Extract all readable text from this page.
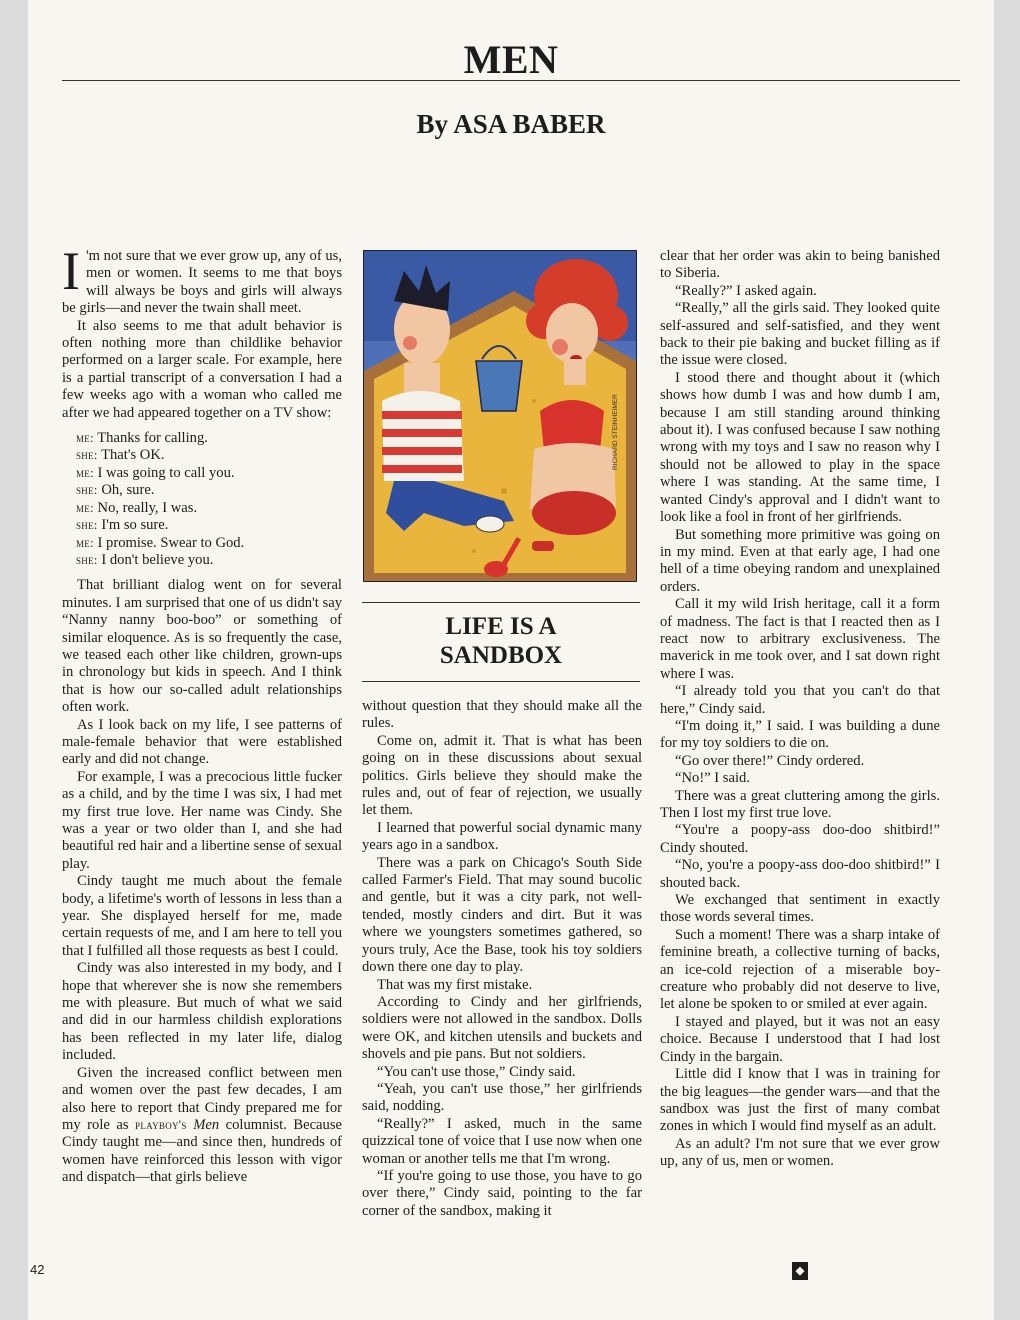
MEN
By ASA BABER

I 'm not sure that we ever grow up, any of us, men or women. It seems to me that boys will always be boys and girls will always be girls—and never the twain shall meet.

It also seems to me that adult behavior is often nothing more than childlike behavior performed on a larger scale. For example, here is a partial transcript of a conversation I had a few weeks ago with a woman who called me after we had appeared together on a TV show:

me: Thanks for calling.
she: That's OK.
me: I was going to call you.
she: Oh, sure.
me: No, really, I was.
she: I'm so sure.
me: I promise. Swear to God.
she: I don't believe you.

That brilliant dialog went on for several minutes. I am surprised that one of us didn't say “Nanny nanny boo-boo” or something of similar eloquence. As is so frequently the case, we teased each other like children, grown-ups in chronology but kids in speech. And I think that is how our so-called adult relationships often work.

As I look back on my life, I see patterns of male-female behavior that were established early and did not change.

For example, I was a precocious little fucker as a child, and by the time I was six, I had met my first true love. Her name was Cindy. She was a year or two older than I, and she had beautiful red hair and a libertine sense of sexual play.

Cindy taught me much about the female body, a lifetime's worth of lessons in less than a year. She displayed herself for me, made certain requests of me, and I am here to tell you that I fulfilled all those requests as best I could.

Cindy was also interested in my body, and I hope that wherever she is now she remembers me with pleasure. But much of what we said and did in our harmless childish explorations has been reflected in my later life, dialog included.

Given the increased conflict between men and women over the past few decades, I am also here to report that Cindy prepared me for my role as playboy's Men columnist. Because Cindy taught me—and since then, hundreds of women have reinforced this lesson with vigor and dispatch—that girls believe

RICHARD STEINHEIMER
LIFE IS A
SANDBOX

without question that they should make all the rules.

Come on, admit it. That is what has been going on in these discussions about sexual politics. Girls believe they should make the rules and, out of fear of rejection, we usually let them.

I learned that powerful social dynamic many years ago in a sandbox.

There was a park on Chicago's South Side called Farmer's Field. That may sound bucolic and gentle, but it was a city park, not well-tended, mostly cinders and dirt. But it was where we youngsters sometimes gathered, so yours truly, Ace the Base, took his toy soldiers down there one day to play.

That was my first mistake.

According to Cindy and her girlfriends, soldiers were not allowed in the sandbox. Dolls were OK, and kitchen utensils and buckets and shovels and pie pans. But not soldiers.

“You can't use those,” Cindy said.

“Yeah, you can't use those,” her girlfriends said, nodding.

“Really?” I asked, much in the same quizzical tone of voice that I use now when one woman or another tells me that I'm wrong.

“If you're going to use those, you have to go over there,” Cindy said, pointing to the far corner of the sandbox, making it

clear that her order was akin to being banished to Siberia.

“Really?” I asked again.

“Really,” all the girls said. They looked quite self-assured and self-satisfied, and they went back to their pie baking and bucket filling as if the issue were closed.

I stood there and thought about it (which shows how dumb I was and how dumb I am, because I am still standing around thinking about it). I was confused because I saw nothing wrong with my toys and I saw no reason why I should not be allowed to play in the space where I was standing. At the same time, I wanted Cindy's approval and I didn't want to look like a fool in front of her girlfriends.

But something more primitive was going on in my mind. Even at that early age, I had one hell of a time obeying random and unexplained orders.

Call it my wild Irish heritage, call it a form of madness. The fact is that I reacted then as I react now to arbitrary exclusiveness. The maverick in me took over, and I sat down right where I was.

“I already told you that you can't do that here,” Cindy said.

“I'm doing it,” I said. I was building a dune for my toy soldiers to die on.

“Go over there!” Cindy ordered.

“No!” I said.

There was a great cluttering among the girls. Then I lost my first true love.

“You're a poopy-ass doo-doo shitbird!” Cindy shouted.

“No, you're a poopy-ass doo-doo shitbird!” I shouted back.

We exchanged that sentiment in exactly those words several times.

Such a moment! There was a sharp intake of feminine breath, a collective turning of backs, an ice-cold rejection of a miserable boy-creature who probably did not deserve to live, let alone be spoken to or smiled at ever again.

I stayed and played, but it was not an easy choice. Because I understood that I had lost Cindy in the bargain.

Little did I know that I was in training for the big leagues—the gender wars—and that the sandbox was just the first of many combat zones in which I would find myself as an adult.

As an adult? I'm not sure that we ever grow up, any of us, men or women.

◆
42
